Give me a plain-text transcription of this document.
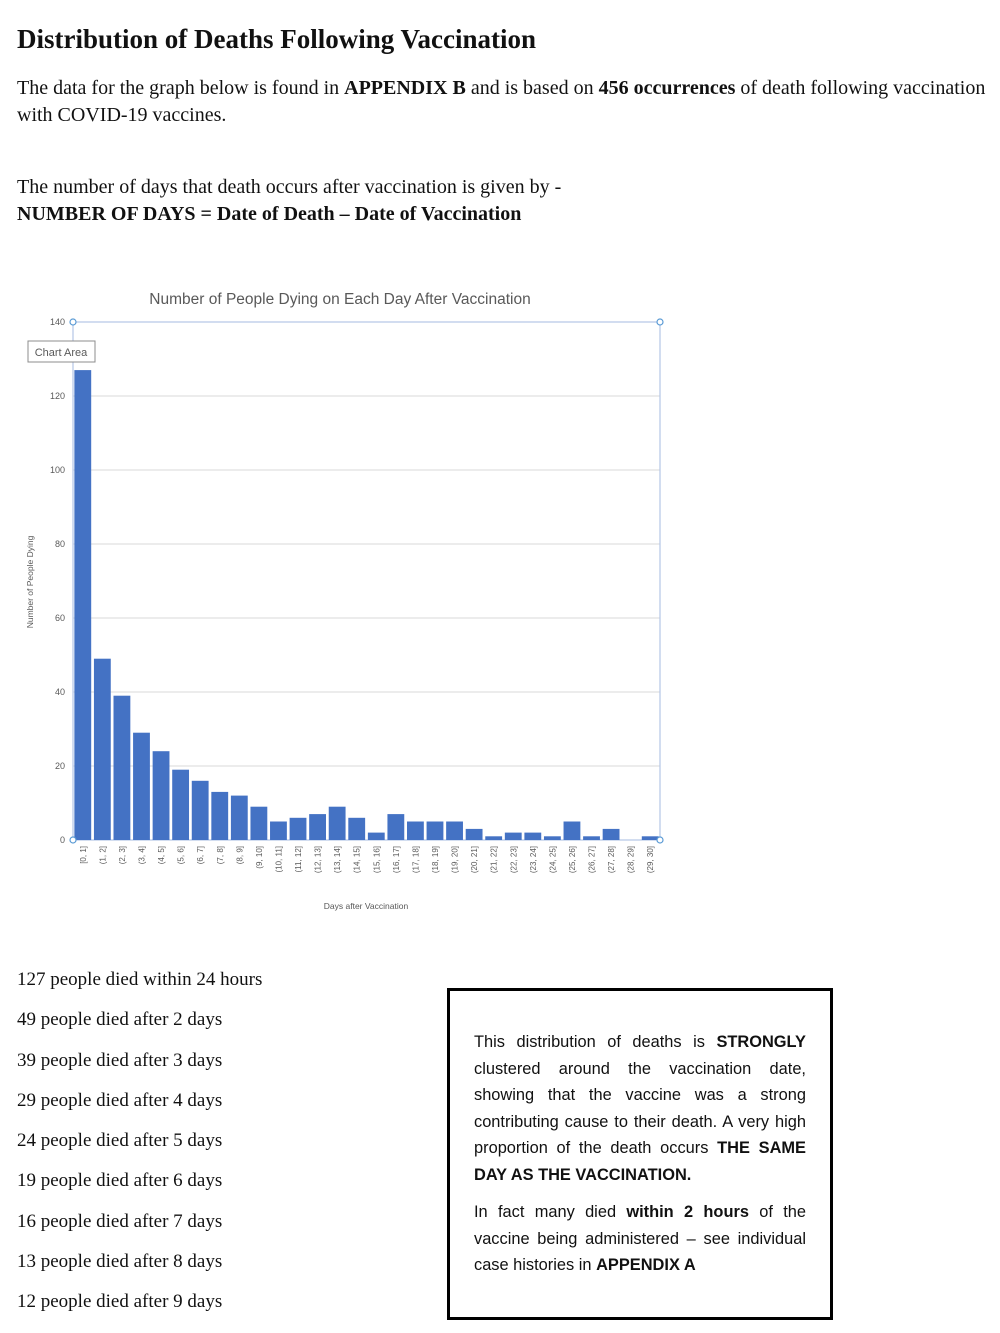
Distribution of Deaths Following Vaccination
The data for the graph below is found in APPENDIX B and is based on 456 occurrences of death following vaccination with COVID-19 vaccines.
The number of days that death occurs after vaccination is given by -
NUMBER OF DAYS = Date of Death – Date of Vaccination
0
20
40
60
80
100
120
140
[0, 1] (1, 2] (2, 3] (3, 4] (4, 5] (5, 6] (6, 7] (7, 8] (8, 9] (9, 10] (10, 11] (11, 12] (12, 13] (13, 14] (14, 15] (15, 16] (16, 17] (17, 18] (18, 19] (19, 20] (20, 21] (21, 22] (22, 23] (23, 24] (24, 25] (25, 26] (26, 27] (27, 28] (28, 29] (29, 30]
Number of People Dying on Each Day After Vaccination
Number of People Dying
Days after Vaccination
Chart Area
127 people died within 24 hours
49 people died after 2 days
39 people died after 3 days
29 people died after 4 days
24 people died after 5 days
19 people died after 6 days
16 people died after 7 days
13 people died after 8 days
12 people died after 9 days

This distribution of deaths is STRONGLY clustered around the vaccination date, showing that the vaccine was a strong contributing cause to their death. A very high proportion of the death occurs THE SAME DAY AS THE VACCINATION.

In fact many died within 2 hours of the vaccine being administered – see individual case histories in APPENDIX A
